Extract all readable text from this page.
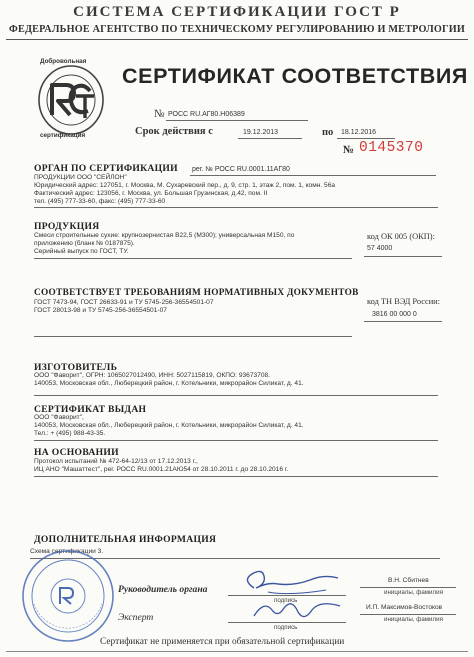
СИСТЕМА СЕРТИФИКАЦИИ ГОСТ Р
ФЕДЕРАЛЬНОЕ АГЕНТСТВО ПО ТЕХНИЧЕСКОМУ РЕГУЛИРОВАНИЮ И МЕТРОЛОГИИ
Добровольная
сертификация
СЕРТИФИКАТ СООТВЕТСТВИЯ
№ РОСС RU.АГ80.Н06389
Срок действия с	19.12.2013	по 18.12.2016
№ 0145370
ОРГАН ПО СЕРТИФИКАЦИИ рег. № РОСС RU.0001.11АГ80
ПРОДУКЦИИ ООО "СЕЙЛОН"
Юридический адрес: 127051, г. Москва, М. Сухаревский пер., д. 9, стр. 1, этаж 2, пом. 1, комн. 56а
Фактический адрес: 123056, г. Москва, ул. Большая Грузинская, д.42, пом. II
тел. (495) 777-33-60, факс: (495) 777-33-60
ПРОДУКЦИЯ
Смеси строительные сухие: крупнозернистая В22,5 (М300); универсальная М150, по
приложению (бланк № 0187875).
Серийный выпуск по ГОСТ, ТУ.
код ОК 005 (ОКП):
57 4000
СООТВЕТСТВУЕТ ТРЕБОВАНИЯМ НОРМАТИВНЫХ ДОКУМЕНТОВ
ГОСТ 7473-94, ГОСТ 26633-91 и ТУ 5745-256-36554501-07
ГОСТ 28013-98 и ТУ 5745-256-36554501-07
код ТН ВЭД России:
3816 00 000 0
ИЗГОТОВИТЕЛЬ
ООО "Фаворит", ОГРН: 1065027012490, ИНН: 5027115819, ОКПО: 93673708.
140053, Московская обл., Люберецкий район, г. Котельники, микрорайон Силикат, д. 41.
СЕРТИФИКАТ ВЫДАН
ООО "Фаворит",
140053, Московская обл., Люберецкий район, г. Котельники, микрорайон Силикат, д. 41.
Тел.: + (495) 988-43-35.
НА ОСНОВАНИИ
Протокол испытаний № 472-64-12/13 от 17.12.2013 г.,
ИЦ АНО "Машаттест", рег. РОСС RU.0001.21АЮ54 от 28.10.2011 г. до 28.10.2016 г.
ДОПОЛНИТЕЛЬНАЯ ИНФОРМАЦИЯ
Схема сертификации 3.
Руководитель органа
подпись
В.Н. Сбитнев
инициалы, фамилия
Эксперт
подпись
И.П. Максимов-Востоков
инициалы, фамилия
Сертификат не применяется при обязательной сертификации
